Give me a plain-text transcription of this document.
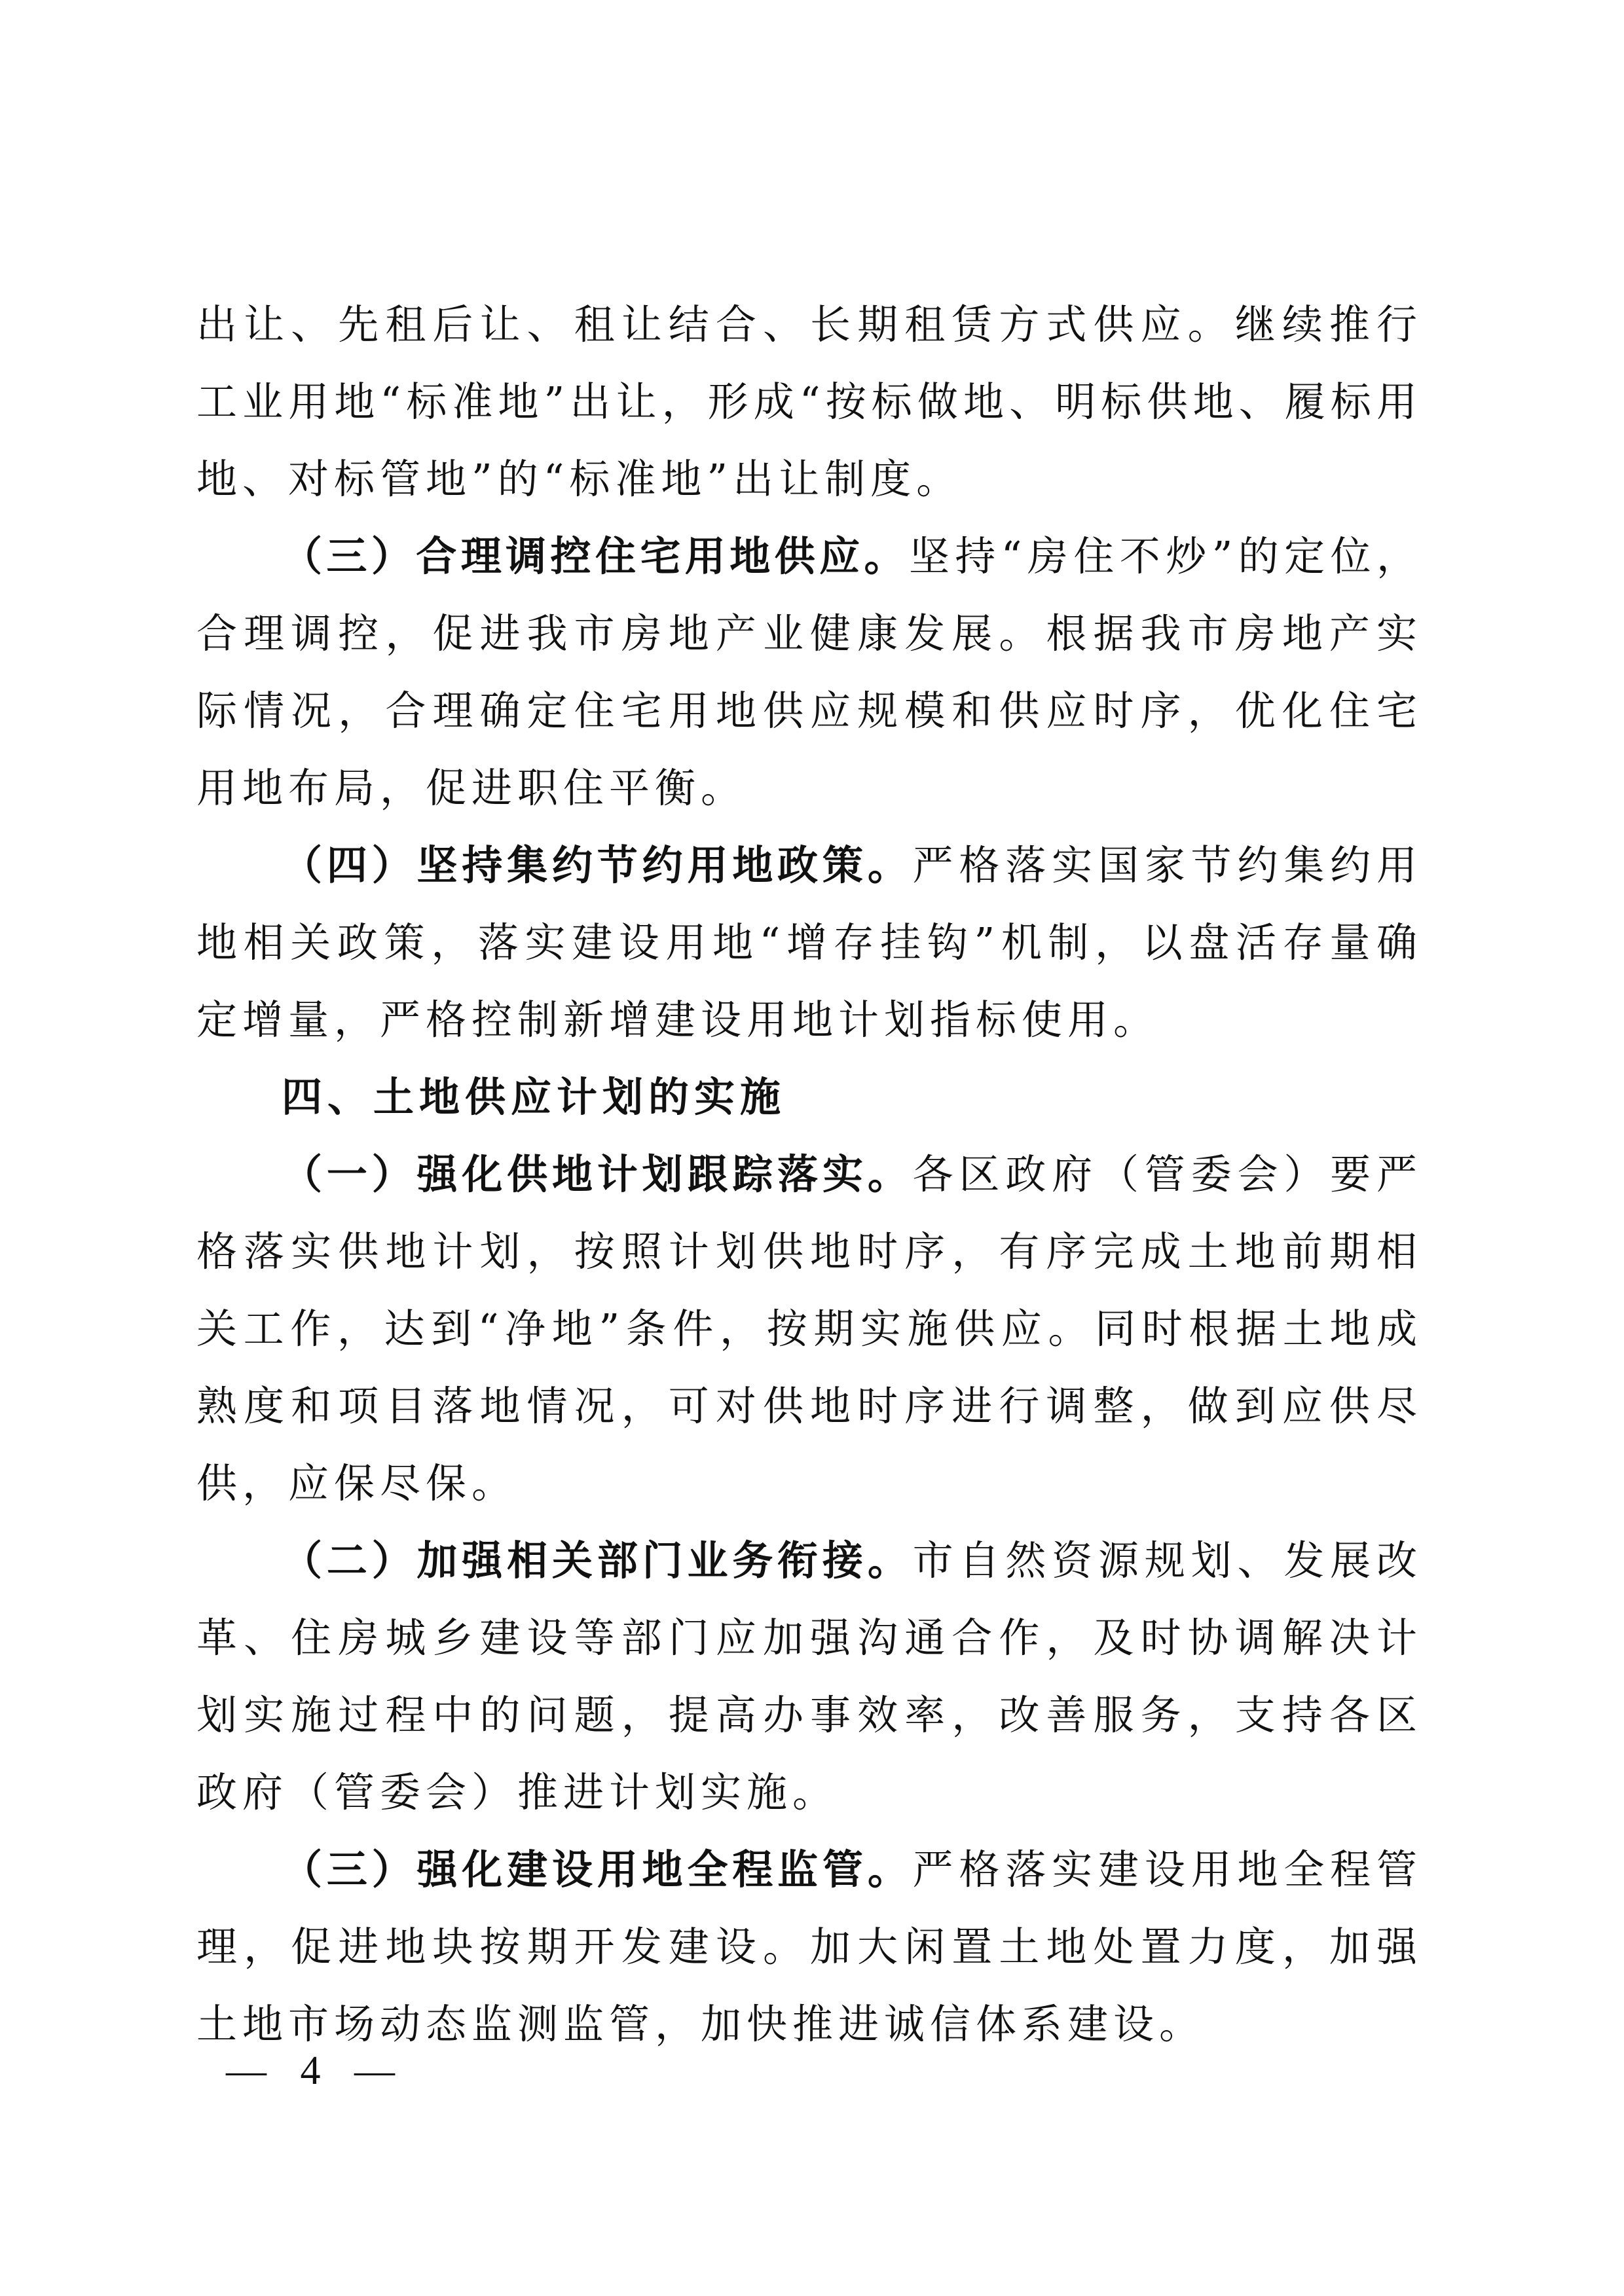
出让、先租后让、租让结合、长期租赁方式供应。继续推行工业用地“标准地”出让，形成“按标做地、明标供地、履标用地、对标管地”的“标准地”出让制度。

（三）合理调控住宅用地供应。坚持“房住不炒”的定位，合理调控，促进我市房地产业健康发展。根据我市房地产实际情况，合理确定住宅用地供应规模和供应时序，优化住宅用地布局，促进职住平衡。

（四）坚持集约节约用地政策。严格落实国家节约集约用地相关政策，落实建设用地“增存挂钩”机制，以盘活存量确定增量，严格控制新增建设用地计划指标使用。

四、土地供应计划的实施

（一）强化供地计划跟踪落实。各区政府（管委会）要严格落实供地计划，按照计划供地时序，有序完成土地前期相关工作，达到“净地”条件，按期实施供应。同时根据土地成熟度和项目落地情况，可对供地时序进行调整，做到应供尽供，应保尽保。

（二）加强相关部门业务衔接。市自然资源规划、发展改革、住房城乡建设等部门应加强沟通合作，及时协调解决计划实施过程中的问题，提高办事效率，改善服务，支持各区政府（管委会）推进计划实施。

（三）强化建设用地全程监管。严格落实建设用地全程管理，促进地块按期开发建设。加大闲置土地处置力度，加强土地市场动态监测监管，加快推进诚信体系建设。

— 4 —
